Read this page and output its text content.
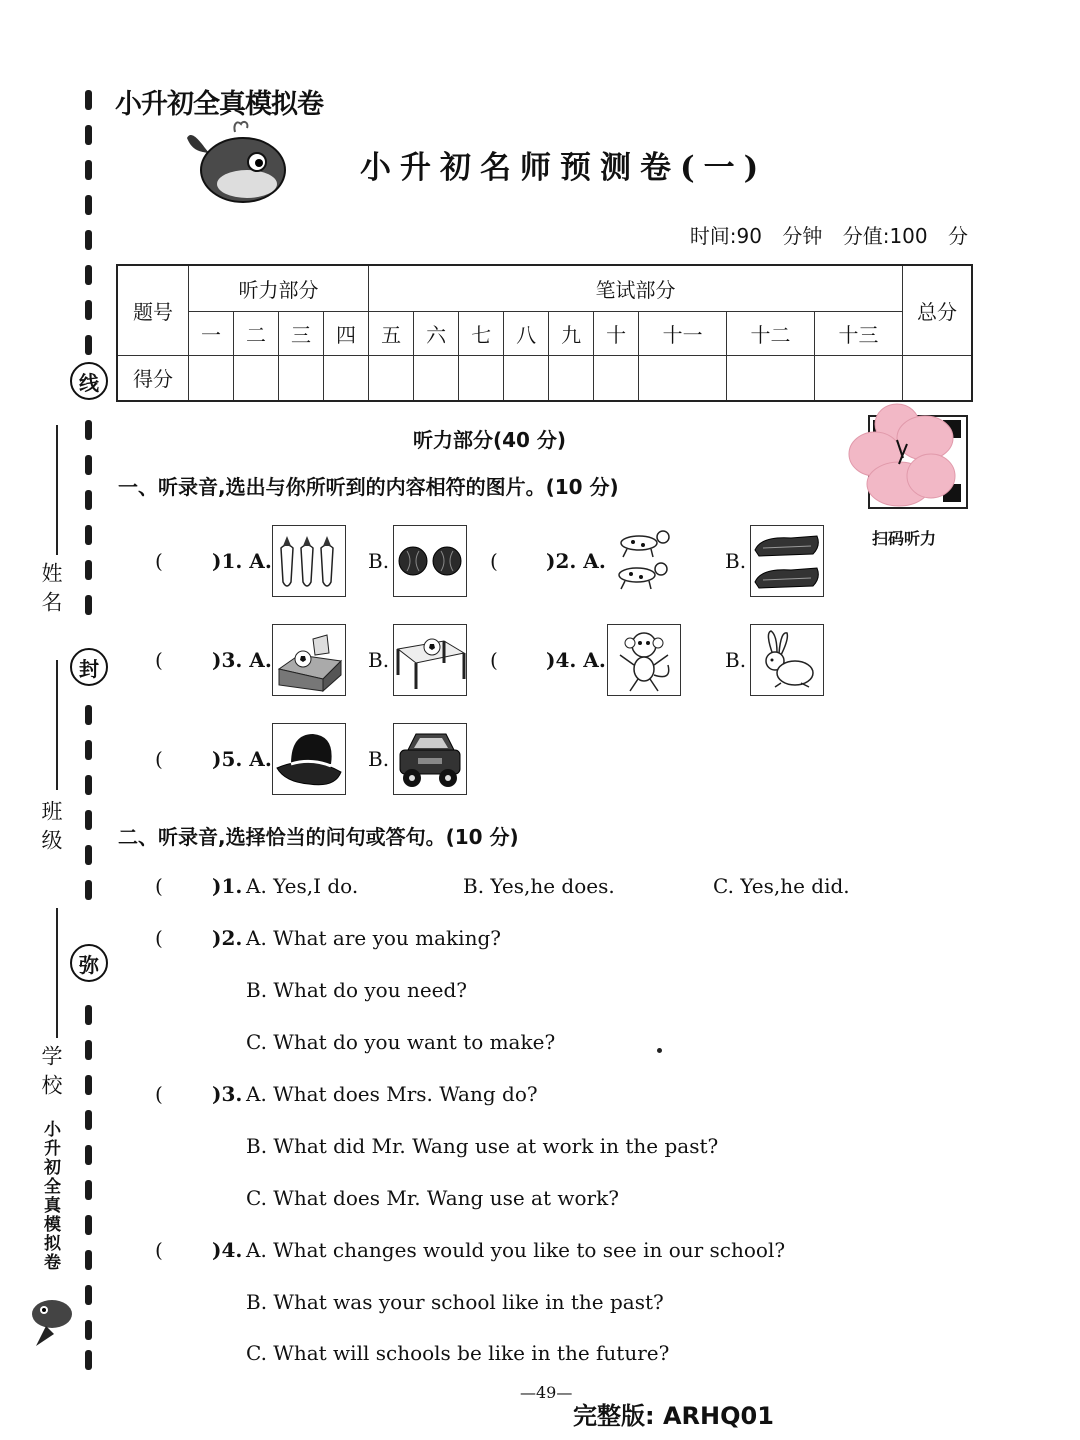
线
封
弥
姓名
班级
学校
小升初全真模拟卷
小升初全真模拟卷
小升初名师预测卷(一)
时间:90 分钟 分值:100 分
题号	听力部分				笔试部分									总分
	一	二	三	四	五	六	七	八	九	十	十一	十二	十三	
得分														
扫码听力
听力部分(40 分)
一、听录音,选出与你所听到的内容相符的图片。(10 分)
( )1. A.	B.	( )2. A.	B.
( )3. A.	B.	( )4. A.	B.
( )5. A.	B.
二、听录音,选择恰当的问句或答句。(10 分)
( )1. A. Yes,I do.	B. Yes,he does.	C. Yes,he did.
( )2. A. What are you making?
B. What do you need?
C. What do you want to make?
( )3. A. What does Mrs. Wang do?
B. What did Mr. Wang use at work in the past?
C. What does Mr. Wang use at work?
( )4. A. What changes would you like to see in our school?
B. What was your school like in the past?
C. What will schools be like in the future?
—49—
完整版: ARHQ01
